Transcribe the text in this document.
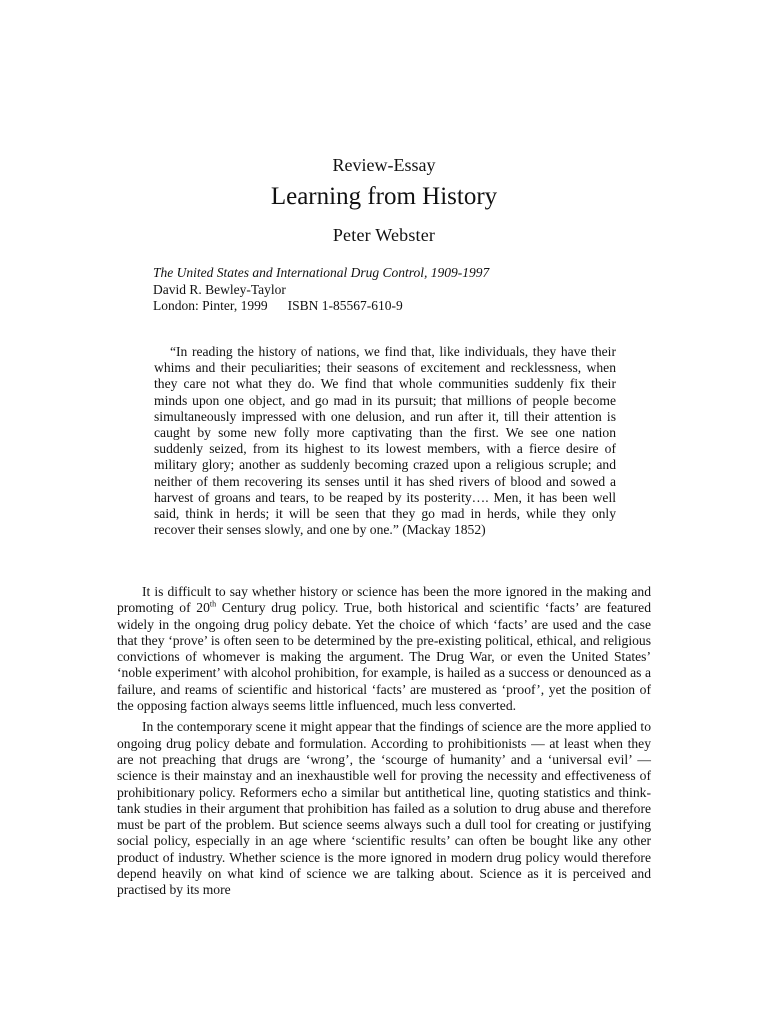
Review-Essay
Learning from History
Peter Webster
The United States and International Drug Control, 1909-1997
David R. Bewley-Taylor
London: Pinter, 1999 ISBN 1-85567-610-9

“In reading the history of nations, we find that, like individuals, they have their whims and their peculiarities; their seasons of excitement and recklessness, when they care not what they do. We find that whole communities suddenly fix their minds upon one object, and go mad in its pursuit; that millions of people become simultaneously impressed with one delusion, and run after it, till their attention is caught by some new folly more captivating than the first. We see one nation suddenly seized, from its highest to its lowest members, with a fierce desire of military glory; another as suddenly becoming crazed upon a religious scruple; and neither of them recovering its senses until it has shed rivers of blood and sowed a harvest of groans and tears, to be reaped by its posterity…. Men, it has been well said, think in herds; it will be seen that they go mad in herds, while they only recover their senses slowly, and one by one.” (Mackay 1852)

It is difficult to say whether history or science has been the more ignored in the making and promoting of 20th Century drug policy. True, both historical and scientific ‘facts’ are featured widely in the ongoing drug policy debate. Yet the choice of which ‘facts’ are used and the case that they ‘prove’ is often seen to be determined by the pre-existing political, ethical, and religious convictions of whomever is making the argument. The Drug War, or even the United States’ ‘noble experiment’ with alcohol prohibition, for example, is hailed as a success or denounced as a failure, and reams of scientific and historical ‘facts’ are mustered as ‘proof’, yet the position of the opposing faction always seems little influenced, much less converted.

In the contemporary scene it might appear that the findings of science are the more applied to ongoing drug policy debate and formulation. According to prohibitionists — at least when they are not preaching that drugs are ‘wrong’, the ‘scourge of humanity’ and a ‘universal evil’ — science is their mainstay and an inexhaustible well for proving the necessity and effectiveness of prohibitionary policy. Reformers echo a similar but antithetical line, quoting statistics and think-tank studies in their argument that prohibition has failed as a solution to drug abuse and therefore must be part of the problem. But science seems always such a dull tool for creating or justifying social policy, especially in an age where ‘scientific results’ can often be bought like any other product of industry. Whether science is the more ignored in modern drug policy would therefore depend heavily on what kind of science we are talking about. Science as it is perceived and practised by its more
